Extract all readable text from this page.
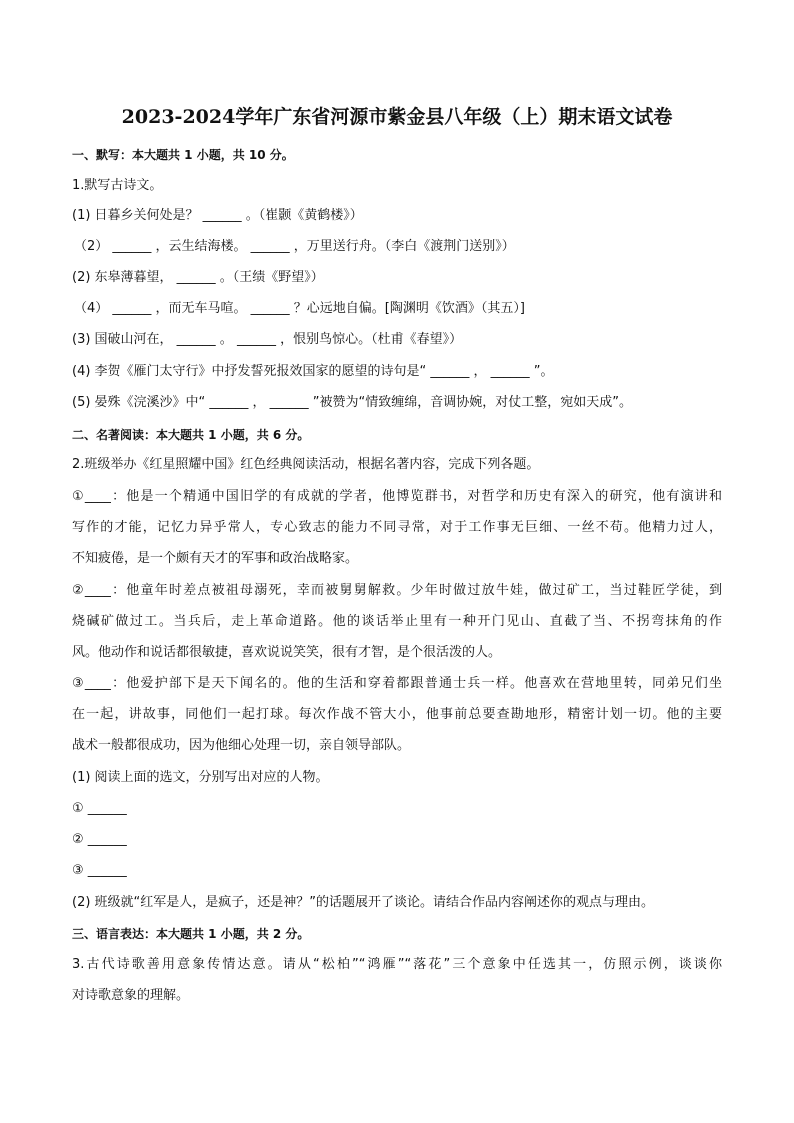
2023-2024学年广东省河源市紫金县八年级（上）期末语文试卷
一、默写：本大题共 1 小题，共 10 分。
1.默写古诗文。
(1) 日暮乡关何处是？ ______ 。（崔颢《黄鹤楼》）
（2） ______ ，云生结海楼。 ______ ，万里送行舟。（李白《渡荆门送别》）
(2) 东皋薄暮望， ______ 。（王绩《野望》）
（4） ______ ，而无车马喧。 ______ ？心远地自偏。[陶渊明《饮酒》（其五）]
(3) 国破山河在， ______ 。 ______ ，恨别鸟惊心。（杜甫《春望》）
(4) 李贺《雁门太守行》中抒发誓死报效国家的愿望的诗句是“ ______ ， ______ ”。
(5) 晏殊《浣溪沙》中“ ______ ， ______ ”被赞为“情致缠绵，音调协婉，对仗工整，宛如天成”。
二、名著阅读：本大题共 1 小题，共 6 分。
2.班级举办《红星照耀中国》红色经典阅读活动，根据名著内容，完成下列各题。
①____：他是一个精通中国旧学的有成就的学者，他博览群书，对哲学和历史有深入的研究，他有演讲和
写作的才能，记忆力异乎常人，专心致志的能力不同寻常，对于工作事无巨细、一丝不苟。他精力过人，
不知疲倦，是一个颇有天才的军事和政治战略家。
②____：他童年时差点被祖母溺死，幸而被舅舅解救。少年时做过放牛娃，做过矿工，当过鞋匠学徒，到
烧碱矿做过工。当兵后，走上革命道路。他的谈话举止里有一种开门见山、直截了当、不拐弯抹角的作
风。他动作和说话都很敏捷，喜欢说说笑笑，很有才智，是个很活泼的人。
③____：他爱护部下是天下闻名的。他的生活和穿着都跟普通士兵一样。他喜欢在营地里转，同弟兄们坐
在一起，讲故事，同他们一起打球。每次作战不管大小，他事前总要查勘地形，精密计划一切。他的主要
战术一般都很成功，因为他细心处理一切，亲自领导部队。
(1) 阅读上面的选文，分别写出对应的人物。
① ______
② ______
③ ______
(2) 班级就“红军是人，是疯子，还是神？”的话题展开了谈论。请结合作品内容阐述你的观点与理由。
三、语言表达：本大题共 1 小题，共 2 分。
3.古代诗歌善用意象传情达意。请从“松柏”“鸿雁”“落花”三个意象中任选其一，仿照示例，谈谈你
对诗歌意象的理解。
